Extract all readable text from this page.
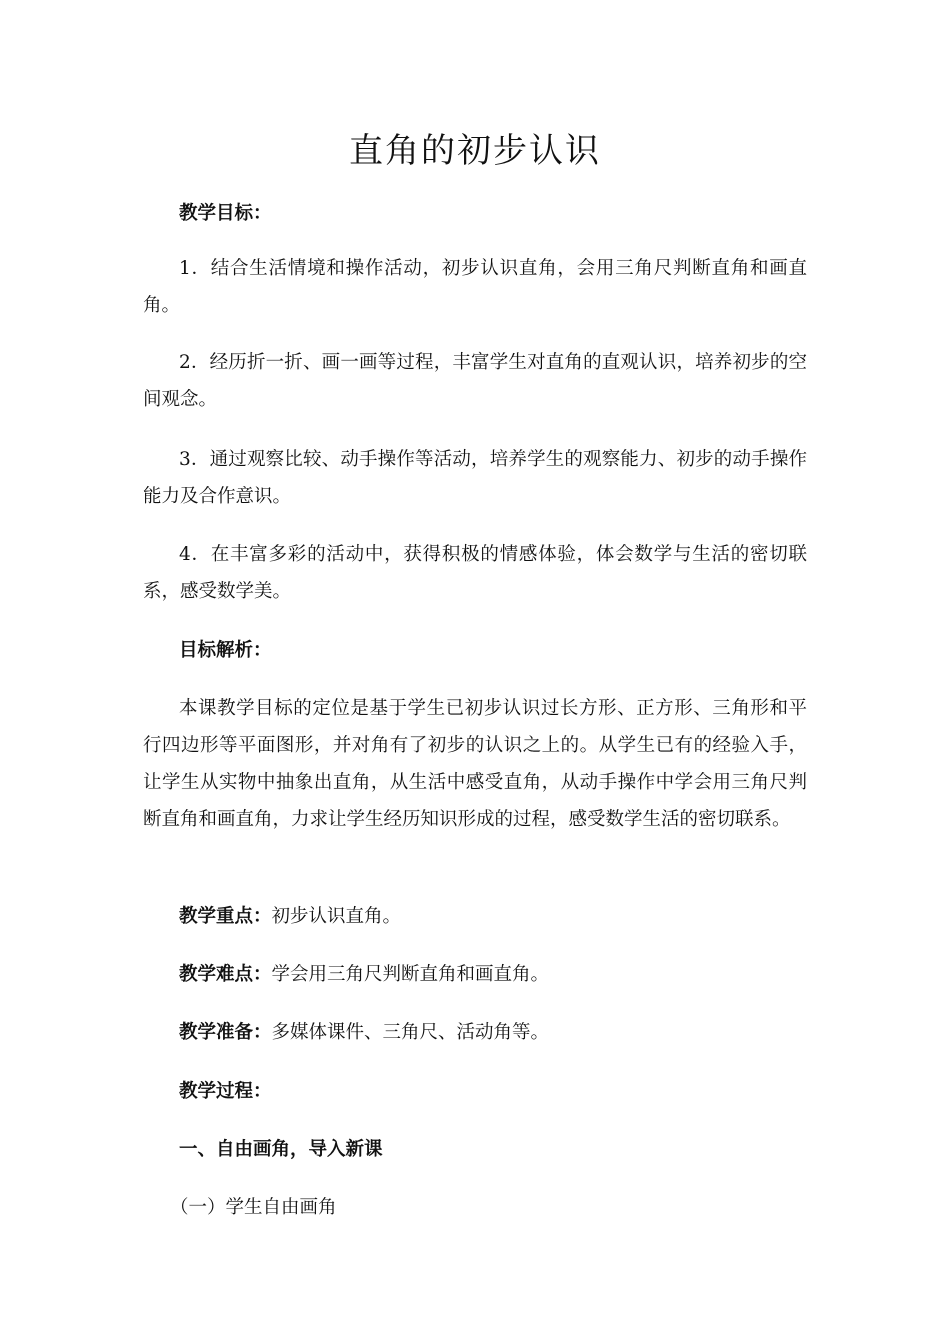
直角的初步认识

教学目标：

1．结合生活情境和操作活动，初步认识直角，会用三角尺判断直角和画直角。

2．经历折一折、画一画等过程，丰富学生对直角的直观认识，培养初步的空间观念。

3．通过观察比较、动手操作等活动，培养学生的观察能力、初步的动手操作能力及合作意识。

4．在丰富多彩的活动中，获得积极的情感体验，体会数学与生活的密切联系，感受数学美。

目标解析：

本课教学目标的定位是基于学生已初步认识过长方形、正方形、三角形和平行四边形等平面图形，并对角有了初步的认识之上的。从学生已有的经验入手，让学生从实物中抽象出直角，从生活中感受直角，从动手操作中学会用三角尺判断直角和画直角，力求让学生经历知识形成的过程，感受数学生活的密切联系。

教学重点：初步认识直角。

教学难点：学会用三角尺判断直角和画直角。

教学准备：多媒体课件、三角尺、活动角等。

教学过程：

一、自由画角，导入新课

（一）学生自由画角
